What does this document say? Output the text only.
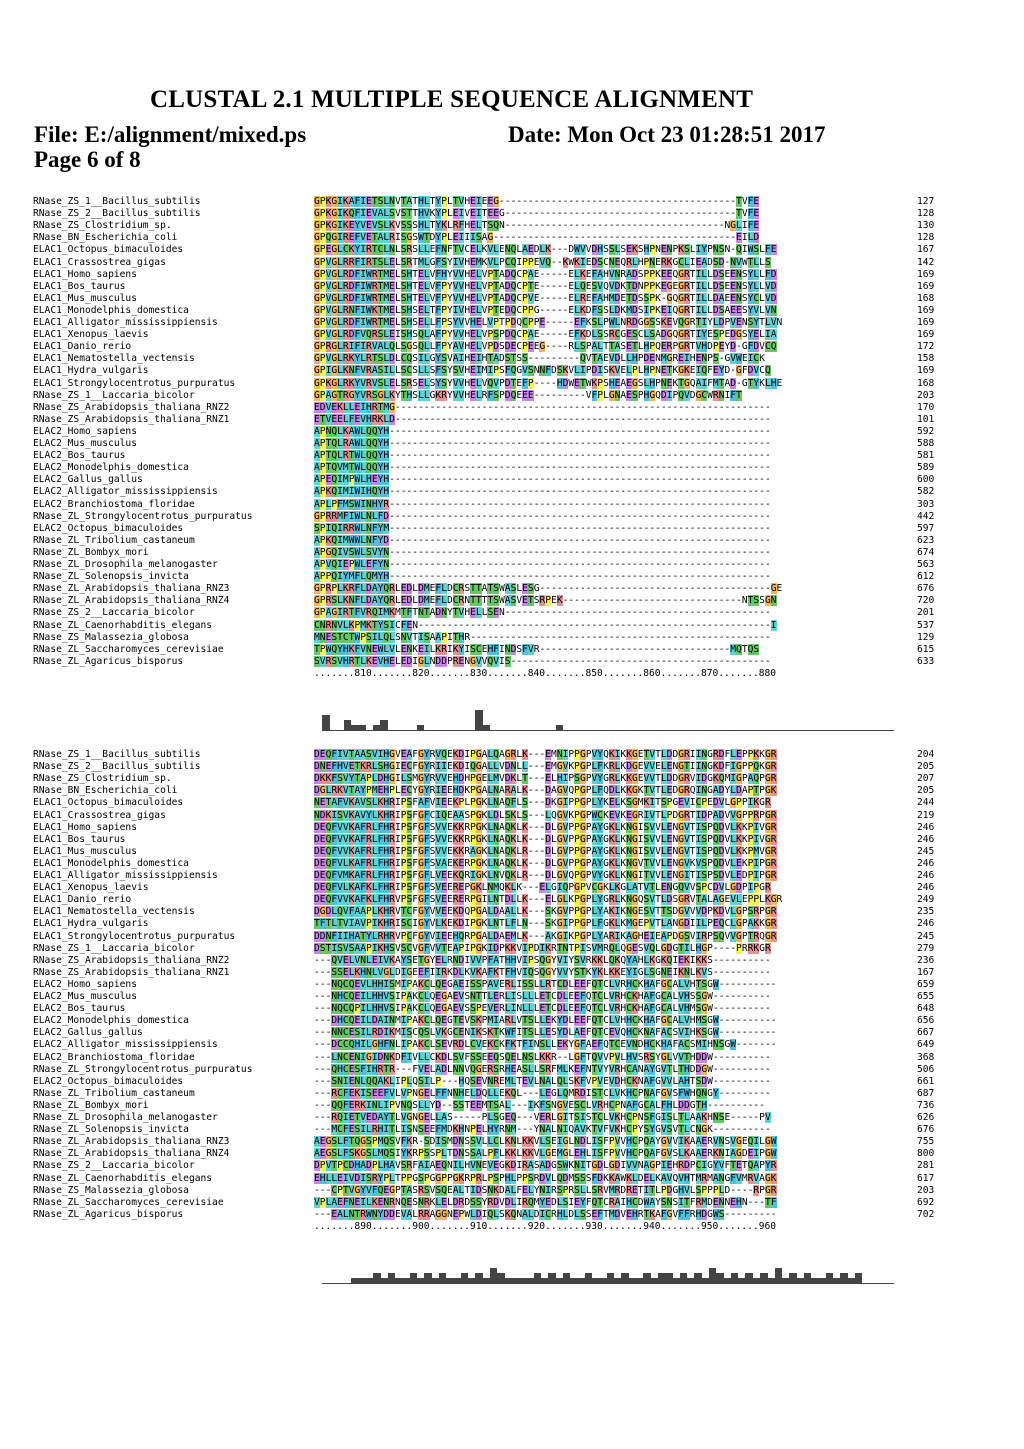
CLUSTAL 2.1 MULTIPLE SEQUENCE ALIGNMENT
File: E:/alignment/mixed.ps	Date: Mon Oct 23 01:28:51 2017
Page 6 of 8
RNase_ZS_1__Bacillus_subtilis	GPKGIKAFIETSLNVTATHLTYPLTVHEIEEG-----------------------------------------TVFE	127
RNase_ZS_2__Bacillus_subtilis	GPKGIKQFIEVALSVSTTHVKYPLEIVEITEEG----------------------------------------TVFE	128
RNase_ZS_Clostridium_sp.	GPKGIKEYVEVSLKVSSSHLTYKLRFHELTSQN--------------------------------------NGLIFE	130
RNase_BN_Escherichia_coli	GPQGIREFVETALRISGSWTDYPLEIIISAG------------------------------------------EILD	128
ELAC1_Octopus_bimaculoides	GPEGLCKYIRTCLNLSRSLLEFNFTVCELKVLENQLAEDLK---DWVVDHSSLSEKSHPNENPKSLIYPNSN-QIWSLFE	167
ELAC1_Crassostrea_gigas	GPVGLRRFIRTSLELSRTMLGFSYIVHEMKVLPCQIPPEVQ--KWKIEDSCNEQRLHPNERKGCLIEADSD-NVWTLLS	142
ELAC1_Homo_sapiens	GPVGLRDFIWRTMELSHTELVFHYVVHELVPTADQCPAE-----ELKEFAHVNRADSPPKEEQGRTILLDSEENSYLLFD	169
ELAC1_Bos_taurus	GPVGLRDFIWRTMELSHTELVFPYVVHELVPTADQCPTE-----ELQESVQVDKTDNPPKEGEGRTILLDSEENSYLLVD	169
ELAC1_Mus_musculus	GPVGLRDFIWRTMELSHTELVFPYVVHELVPTADQCPVE-----ELREFAHMDETDSSPK-GQGRTILLDAEENSYCLVD	168
ELAC1_Monodelphis_domestica	GPVGLRNFIWKTMELSHSELTFPYIVHELVPTEDQCPPG-----ELKDFSSLDKMDSIPKEIQGRTILLDSAEESYVLVN	169
ELAC1_Alligator_mississippiensis	GPVGLRDFIWRTMELSHSELLFPSYVVHELVPTPDQCPPE-----EFKSLPWLNRDGGSSKEVQGRTIYLDPVENSYTLVN	169
ELAC1_Xenopus_laevis	GPVGLRDFVQRSLEISHSQLAFPYVVHELVPSPDQCPAE-----EFKDLSSRCGESCLSADGQGRTIYESPEDGSYELIA	169
ELAC1_Danio_rerio	GPRGLRIFIRVALQLSGSQLLFPYAVHELVPDSDECPEEG----RLSPALTTASETLHPQERPGRTVHDPEYD-GFDVCQ	172
ELAC1_Nematostella_vectensis	GPVGLRKYLRTSLDLCQSILGYSVAIHEIHTADSTSS---------QVTAEVDLLHPDENMGREIHENPS-GVWEICK	158
ELAC1_Hydra_vulgaris	GPIGLKNFVRASILLSCSLLSFSYSVHEIMIPSFQGVSNNFDSKVLIPDISKVELPLHPNETKGKEIQFEYD-GFDVCQ	169
ELAC1_Strongylocentrotus_purpuratus	GPKGLRKYVRVSLELSRSELSYSYVVHELVQVPDTEFP----HDWETWKPSHEAEGSLHPNEKTGQAIFMTAD-GTYKLHE	168
RNase_ZS_1__Laccaria_bicolor	GPAGTRGYVRSGLKYTHSLLGKRYVVHELRFSPDQEEE---------VFPLGNAESPHGQDIPQVDGCWRNIFT	203
RNase_ZS_Arabidopsis_thaliana_RNZ2	EDVEKLLEIHRTMG-----------------------------------------------------------------	170
RNase_ZS_Arabidopsis_thaliana_RNZ1	ETVEELFEVHRKLD-----------------------------------------------------------------	101
ELAC2_Homo_sapiens	APNQLKAWLQQYH------------------------------------------------------------------	592
ELAC2_Mus_musculus	APTQLRAWLQQYH------------------------------------------------------------------	588
ELAC2_Bos_taurus	APTQLRTWLQQYH------------------------------------------------------------------	581
ELAC2_Monodelphis_domestica	APTQVMTWLQQYH------------------------------------------------------------------	589
ELAC2_Gallus_gallus	APEQIMPWLHEYH------------------------------------------------------------------	600
ELAC2_Alligator_mississippiensis	APKQIMIWIHQYH------------------------------------------------------------------	582
ELAC2_Branchiostoma_floridae	APLPFMSWINHYR------------------------------------------------------------------	303
RNase_ZL_Strongylocentrotus_purpuratus	GPRRMFIWLNLFD------------------------------------------------------------------	442
ELAC2_Octopus_bimaculoides	SPIQIRRWLNFYM------------------------------------------------------------------	597
RNase_ZL_Tribolium_castaneum	APKQIMWWLNFYD------------------------------------------------------------------	623
RNase_ZL_Bombyx_mori	APGQIVSWLSVYN------------------------------------------------------------------	674
RNase_ZL_Drosophila_melanogaster	APVQIEPWLEFYN------------------------------------------------------------------	563
RNase_ZL_Solenopsis_invicta	APPQIYMFLQMYH------------------------------------------------------------------	612
RNase_ZL_Arabidopsis_thaliana_RNZ3	GPRPLKRFLDAYQRLEDLDMEFLDCRSTTATSWASLESG----------------------------------------GE	676
RNase_ZL_Arabidopsis_thaliana_RNZ4	GPRSLKNFLDAYQRLEDLDMEFLDCRNTTTTSWASVETSRPEK-------------------------------NTSSGN	720
RNase_ZS_2__Laccaria_bicolor	GPAGIRTFVRQIMKMTFTNTADNYTVHELLSEN----------------------------------------------	201
RNase_ZL_Caenorhabditis_elegans	CNRNVLKPMKTYSICFEN-------------------------------------------------------------I	537
RNase_ZS_Malassezia_globosa	MNESTCTWPSILQLSNVTISAAPITHR----------------------------------------------------	129
RNase_ZL_Saccharomyces_cerevisiae	TPWQYHKFVNEWLVLENKEILKRIKYISCEHFINDSFVR---------------------------------MQTQS	615
RNase_ZL_Agaricus_bisporus	SVRSVHRTLKEVHELEDIGLNDDPRENGVVQVIS---------------------------------------------	633
.......810.......820.......830.......840.......850.......860.......870.......880
RNase_ZS_1__Bacillus_subtilis	DEQFIVTAASVIHGVEAFGYRVQEKDIPGALQAGRLK---EMNIPPGPVYQKIKKGETVTLDDGRIINGRDFLEPPKKGR	204
RNase_ZS_2__Bacillus_subtilis	DNEFHVETKRLSHGIECFGYRIIEKDIQGALLVDNLL---EMGVKPGPLFKRLKDGEVVELENGTIINGKDFIGPPQKGR	205
RNase_ZS_Clostridium_sp.	DKKFSVYTAPLDHGILSMGYRVVEHDHPGELMVDKLT---ELHIPSGPVYGRLKKGEVVTLDDGRVIDGKQMIGPAQPGR	207
RNase_BN_Escherichia_coli	DGLRKVTAYPMEHPLECYGYRIEEHDKPGALNARALK---DAGVQPGPLFQDLKKGKTVTLEDGRQINGADYLDAPTPGK	205
ELAC1_Octopus_bimaculoides	NETAFVKAVSLKHRIPSFAFVIEEKPLPGKLNAQFLS---DKGIPPGPLYKELKSGMKITSPGEVICPEDVLGPPIKGR	244
ELAC1_Crassostrea_gigas	NDKISVKAVYLKHRIPSFGFCIQEAASPGKLDLSKLS---LQGVKPGPWCKEVKEGRIVTLPDGRTIDPADVVGPPRPGR	219
ELAC1_Homo_sapiens	DEQFVVKAFRLFHRIPSFGFSVVEKKRPGKLNAQKLK---DLGVPPGPAYGKLKNGISVVLENGVTISPQDVLKKPIVGR	246
ELAC1_Bos_taurus	DEQFVVKAFRLFHRIPSFGFSVVEKKRPGKLNAQKLK---DLGVPPGPAYGKLKNGISVVLENGVTISPQDVLKKPIVGR	246
ELAC1_Mus_musculus	DEQFVVKAFRLFHRIPSFGFSVVEKKRAGKLNAQKLR---DLGVPPGPAYGKLKNGISVVLENGVTISPQDVLKKPMVGR	245
ELAC1_Monodelphis_domestica	DEQFVLKAFRLFHRIPSFGFSVAEKERPGKLNAQKLK---DLGVPPGPAYGKLKNGVTVVLENGVKVSPQDVLEKPIPGR	246
ELAC1_Alligator_mississippiensis	DEQFVMKAFRLFHRIPSFGFLVEEKQRIGKLNVQKLR---DLGVQPGPVYGKLKNGITVVLENGITISPSDVLEDPIPGR	246
ELAC1_Xenopus_laevis	DEQFVLKAFKLFHRIPSFGFSVEEREPGKLNMQKLK---ELGIQPGPVCGKLKGLATVTLENGQVVSPCDVLGDPIPGR	246
ELAC1_Danio_rerio	DEQFVVKAFKLFHRVPSFGFSVEERERPGILNTDLLK---ELGLKPGPLYGRLKNGQSVTLDSGRVTALAGEVLEPPLKGR	249
ELAC1_Nematostella_vectensis	DGDLQVFAAPLKHRVTCFGYVVEEKDQPGALDAALLK---SKGVPPGPLYAKIKNGESVTTSDGVVVDPKDVLGPSRPGR	235
ELAC1_Hydra_vulgaris	TFTLTVIAVPIKHRISCIGYVLKEKDIPGKLNTLFLN---SKGIPPGPLFGKLKMGEPVTLANGDIILPEQCLGPAKKGR	246
ELAC1_Strongylocentrotus_purpuratus	DDNFIIHATYLRHRVPCFGYVIEEHQRPGALDAEMLK---AKGIKPGPLYARIKAGHEIEAPDGSVIRPSQVVGPTRQGR	245
RNase_ZS_1__Laccaria_bicolor	DSTISVSAAPIKHSVSCVGFVVTEAPIPGKIDPKKVIPDIKRTNTPISVMRQLQGESVQLGDGTILHGP----PRRKGR	279
RNase_ZS_Arabidopsis_thaliana_RNZ2	---QVELVNLEIVKAYSETGYELRNDIVVPFATHHVIPSQGYVIYSVRKKLQKQYAHLKGKQIEKIKKS----------	236
RNase_ZS_Arabidopsis_thaliana_RNZ1	---SSELKHNLVGLDIGEEFIIRKDLKVKAFKTFHVIQSQGYVVYSTKYKLKKEYIGLSGNEIKNLKVS----------	167
ELAC2_Homo_sapiens	---NQCQEVLHHISMIPAKCLQEGAEISSPAVERLISSLLRTCDLEEFQTCLVRHCKHAFGCALVHTSGW----------	659
ELAC2_Mus_musculus	---NHCQEILHHVSIPAKCLQEGAEVSNTTLERLISLLLETCDLEEFQTCLVRHCKHAFGCALVHSSGW----------	655
ELAC2_Bos_taurus	---NQCQPILHHVSIPAKCLQEGAEVSSPEVERLINLLLETCDLEEFQTCLVRHCKHAFGCALVHMSGW----------	648
ELAC2_Monodelphis_domestica	---DHCQEILDAINMIPAKCLQEGTEVSKPMIARLVTSLLEKYDLEEFQTCLVHHCKHAFGCALVHMSGW----------	656
ELAC2_Gallus_gallus	---NNCESILRDIKMISCQSLVKGCENIKSKTKWFITSLLESYDLAEFQTCEVQHCKNAFACSVIHKSGW----------	667
ELAC2_Alligator_mississippiensis	---DCCQHILGHFNLIPAKCLSEVRDLCVEKCKFKTFINSLLEKYGFAEFQTCEVNDHCKHAFACSMIHNSGW-------	649
ELAC2_Branchiostoma_floridae	---LNCENIGIDNKDFIVLLCKDLSVFSSEEQSQELNSLKKR--LGFTQVVPVLHVSRSYGLVVTHDDW----------	368
RNase_ZL_Strongylocentrotus_purpuratus	---QHCESFIHRTR---FVELADLNNVQGERSRHEASLLSRFMLKEFNTVYVRHCANAYGVTLTHDDGW----------	506
ELAC2_Octopus_bimaculoides	---SNIENLQQAKLIPLQSILP---HQSEVNREMLTEVLNALQLSKFVPVEVDHCKNAFGVVLAHTSDW----------	661
RNase_ZL_Tribolium_castaneum	---RCFEKISEEFVLVPNGELFFNNHELDQLLEKQL---LEGLQMRDISTCLVKHCPNAFGVSFWHQNGY---------	687
RNase_ZL_Bombyx_mori	---QQFERKINLIPVNQSLLYD--SSTEEMTSAL---IKFSNGVESCLVRHCPNAFGCALFHLDDGTH----------	736
RNase_ZL_Drosophila_melanogaster	---RQIETVEDAYTLVGNGELLAS-----PLSGEQ---VERLGITSISTCLVKHCPNSFGISLTLAAKHNSE-----PV	626
RNase_ZL_Solenopsis_invicta	---MCFESILRHITLISNSEEFMDKHNPELHYRNM---YNALNIQAVKTVFVKHCPYSYGVSVTLCNGK----------	676
RNase_ZL_Arabidopsis_thaliana_RNZ3	AEGSLFTQGSPMQSVFKR-SDISMDNSSVLLCLKNLKKVLSEIGLNDLISFPVVHCPQAYGVVIKAAERVNSVGEQILGW	755
RNase_ZL_Arabidopsis_thaliana_RNZ4	AEGSLFSKGSLMQSIYKRPSSPLTDNSSALPFLKKLKKVLGEMGLEHLISFPVVHCPQAFGVSLKAAERKNIAGDEIPGW	800
RNase_ZS_2__Laccaria_bicolor	DPVTPCDHADPLHAVSRFAIAEQNILHVNEVEGKDIRASADGSWKNITGDLGDIVVNAGPIEHRDPCIGYVFTETQAPYR	281
RNase_ZL_Caenorhabditis_elegans	EHLLEIVDISRYPLTPPGSPGGPPGKRPRLPSPHLPPSRDVLQDMSSSFDKKAWKLDELKAVQVHTMRMANGFVMRVAGK	617
RNase_ZS_Malassezia_globosa	---CPTVGYVFQEGPTASRSVSQEALTIDSNKDALFELYNIRSPRSLLSRVMRDRETITLPDGHVLSPPPLD----RPGR	203
RNase_ZL_Saccharomyces_cerevisiae	VPLAEFNEILKENRNQESNRKLELDRDSSYRDVDLIRQMYEDLSIEYFQTCRAIHCDWAYSNSITFRMDENNEHN---TF	692
RNase_ZL_Agaricus_bisporus	---EALNTRWNYDDEVALRRAGGNEPWLDIQLSKQNALDICRHLDLSSEFTMDVEHRTKAFGVFFRHDGWS---------	702
.......890.......900.......910.......920.......930.......940.......950.......960
